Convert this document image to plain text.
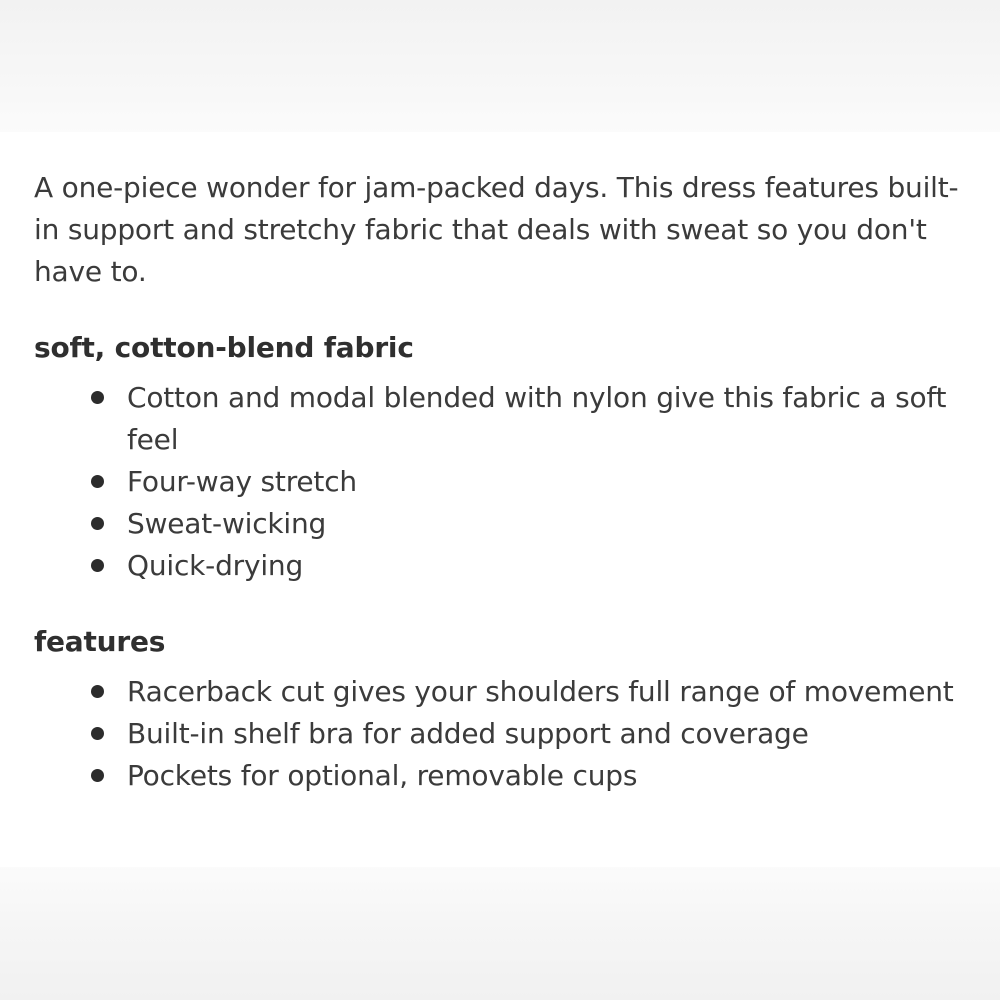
A one-piece wonder for jam-packed days. This dress features built-in support and stretchy fabric that deals with sweat so you don't have to.

soft, cotton-blend fabric
Cotton and modal blended with nylon give this fabric a soft feel
Four-way stretch
Sweat-wicking
Quick-drying
features
Racerback cut gives your shoulders full range of movement
Built-in shelf bra for added support and coverage
Pockets for optional, removable cups
